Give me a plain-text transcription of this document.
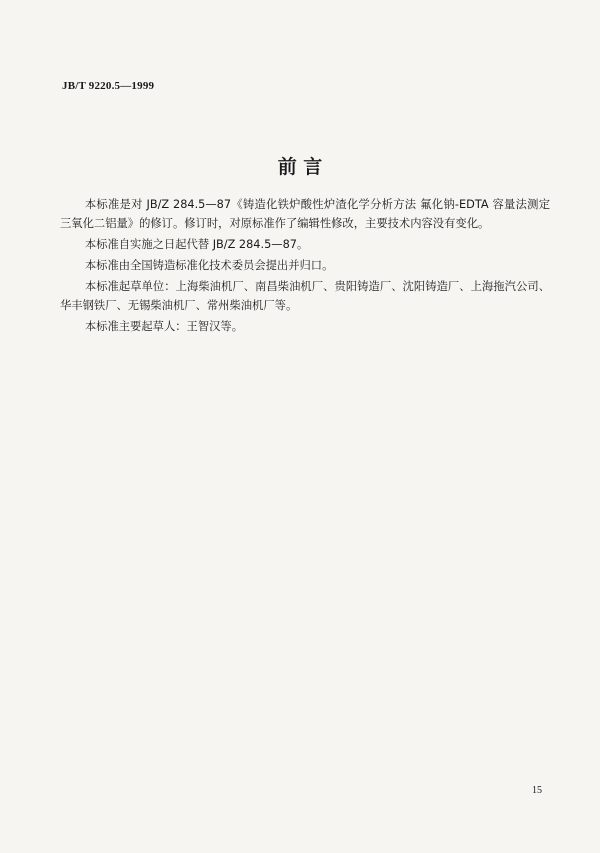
JB/T 9220.5—1999
前 言

本标准是对 JB/Z 284.5—87《铸造化铁炉酸性炉渣化学分析方法 氟化钠-EDTA 容量法测定三氧化二铝量》的修订。修订时，对原标准作了编辑性修改，主要技术内容没有变化。

本标准自实施之日起代替 JB/Z 284.5—87。

本标准由全国铸造标准化技术委员会提出并归口。

本标准起草单位：上海柴油机厂、南昌柴油机厂、贵阳铸造厂、沈阳铸造厂、上海拖汽公司、华丰钢铁厂、无锡柴油机厂、常州柴油机厂等。

本标准主要起草人：王智汉等。

15
